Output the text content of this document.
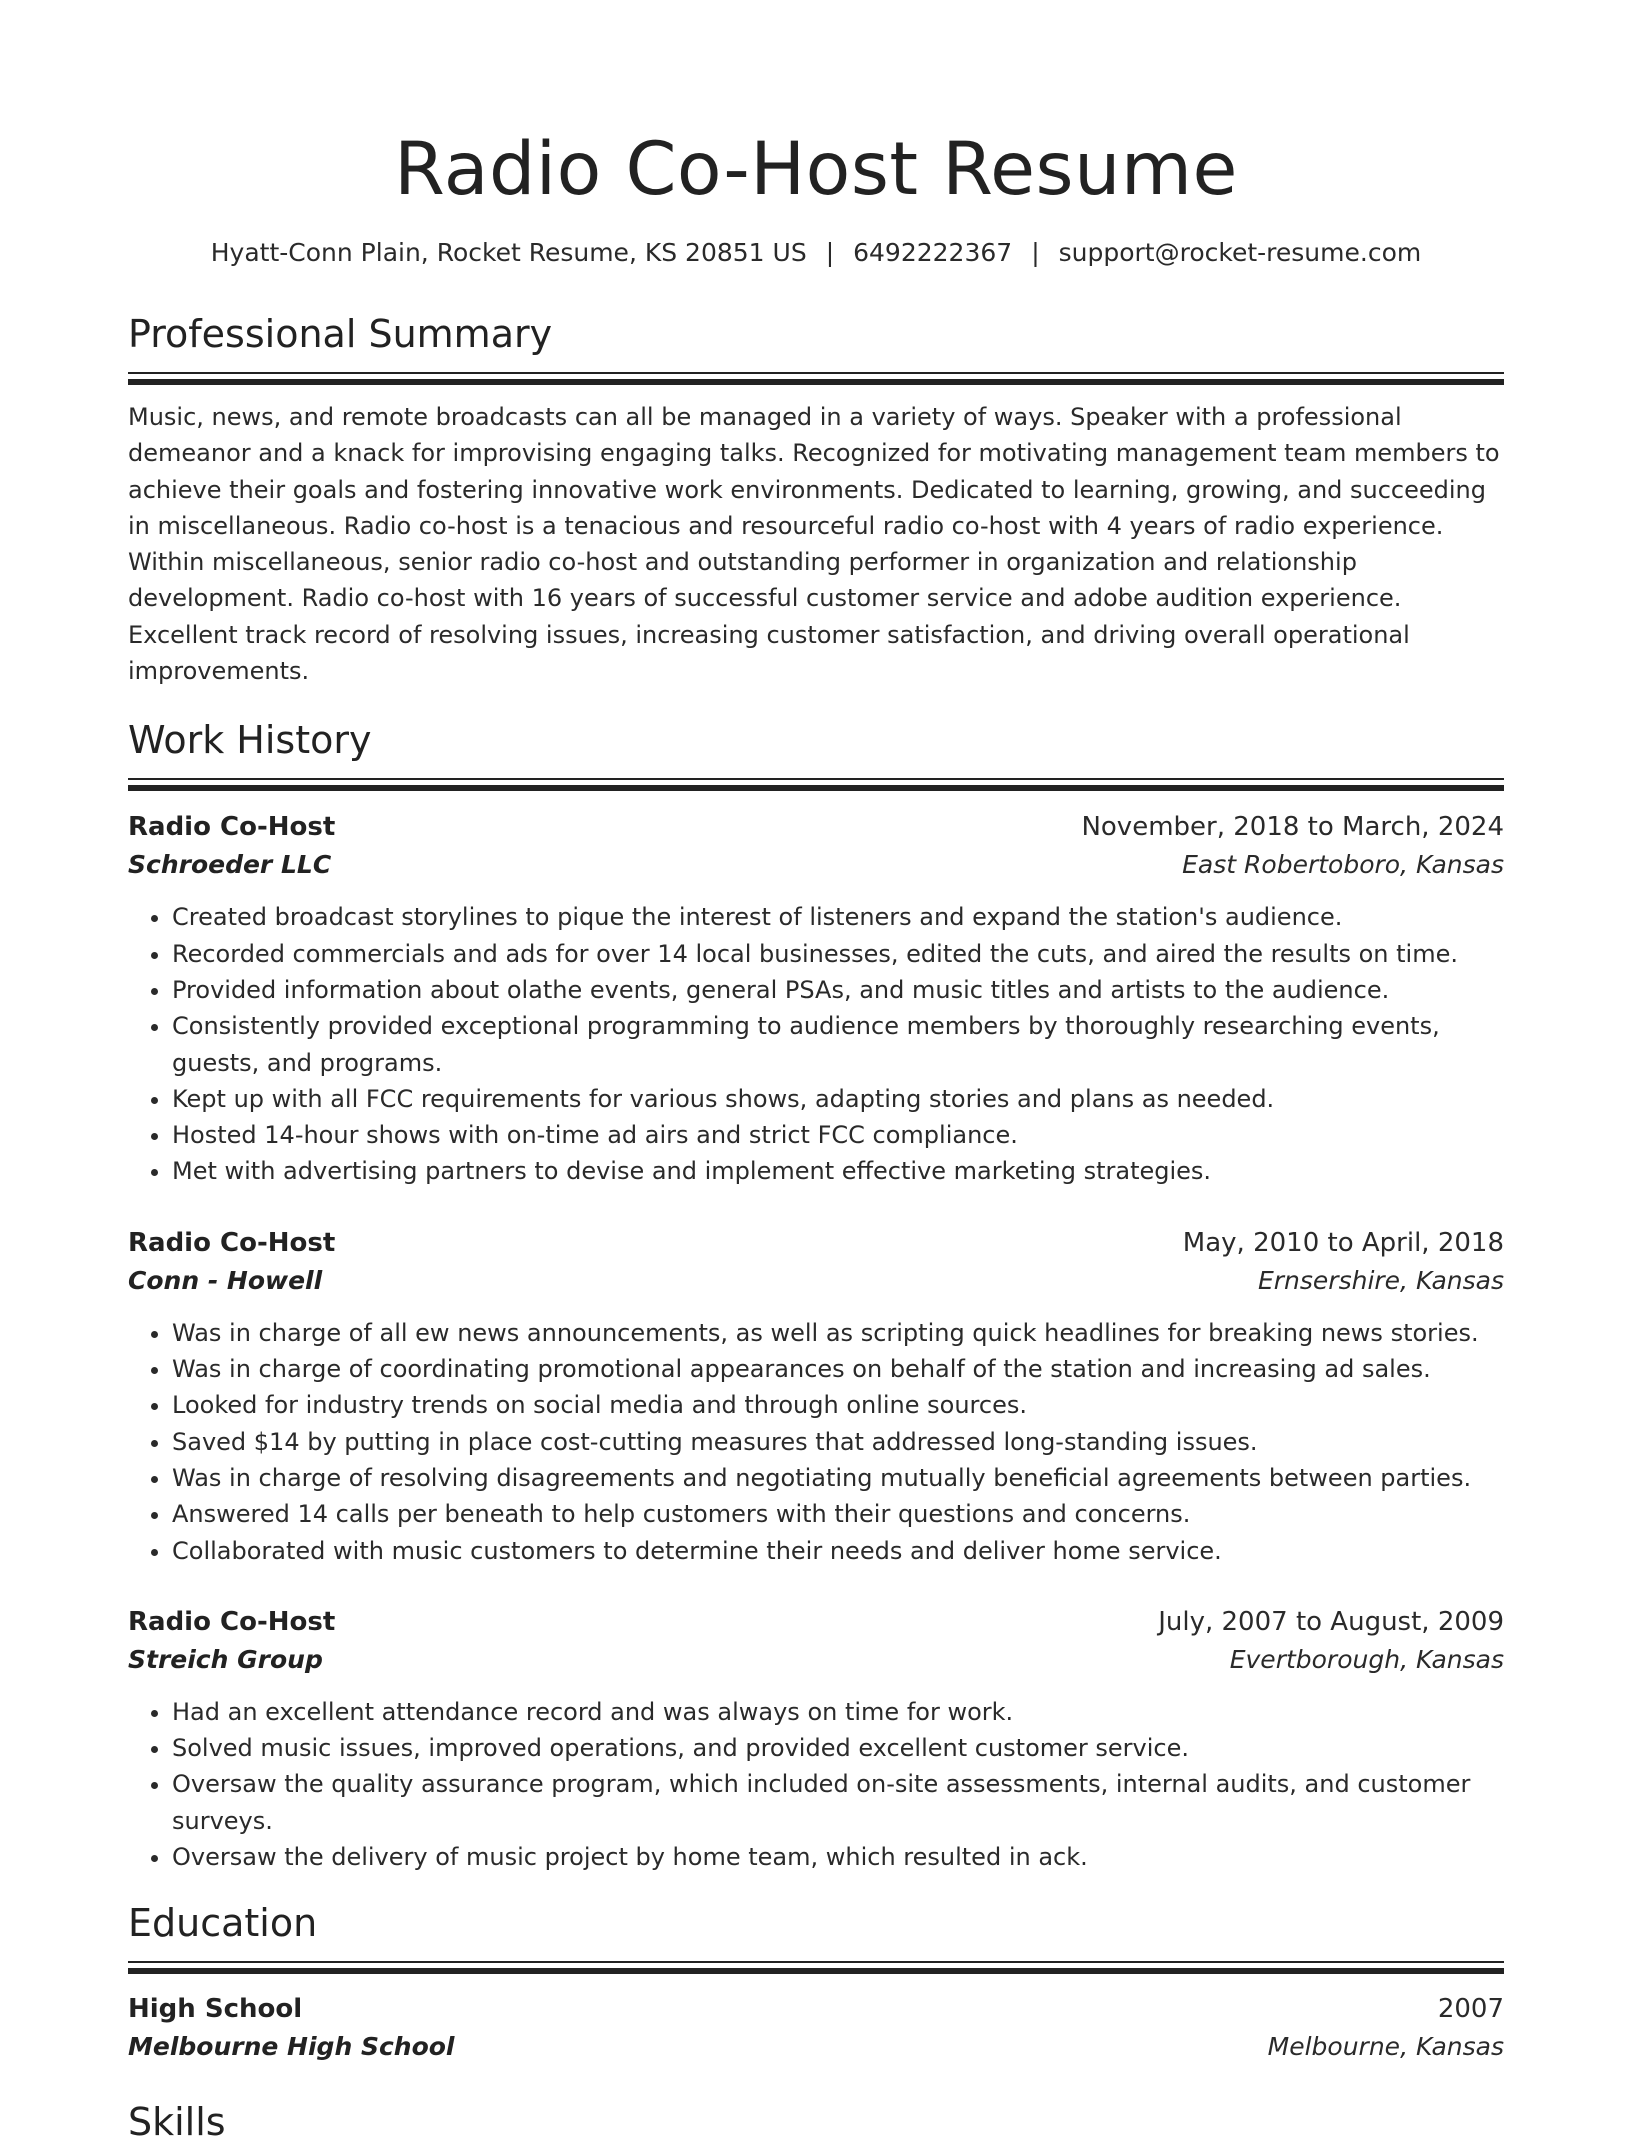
Radio Co-Host Resume
Hyatt-Conn Plain, Rocket Resume, KS 20851 US | 6492222367 | support@rocket-resume.com
Professional Summary

Music, news, and remote broadcasts can all be managed in a variety of ways. Speaker with a professional demeanor and a knack for improvising engaging talks. Recognized for motivating management team members to achieve their goals and fostering innovative work environments. Dedicated to learning, growing, and succeeding in miscellaneous. Radio co-host is a tenacious and resourceful radio co-host with 4 years of radio experience. Within miscellaneous, senior radio co-host and outstanding performer in organization and relationship development. Radio co-host with 16 years of successful customer service and adobe audition experience. Excellent track record of resolving issues, increasing customer satisfaction, and driving overall operational improvements.

Work History
Radio Co-Host	November, 2018 to March, 2024
Schroeder LLC	East Robertoboro, Kansas
• Created broadcast storylines to pique the interest of listeners and expand the station's audience.
• Recorded commercials and ads for over 14 local businesses, edited the cuts, and aired the results on time.
• Provided information about olathe events, general PSAs, and music titles and artists to the audience.
• Consistently provided exceptional programming to audience members by thoroughly researching events, guests, and programs.
• Kept up with all FCC requirements for various shows, adapting stories and plans as needed.
• Hosted 14-hour shows with on-time ad airs and strict FCC compliance.
• Met with advertising partners to devise and implement effective marketing strategies.
Radio Co-Host	May, 2010 to April, 2018
Conn - Howell	Ernsershire, Kansas
• Was in charge of all ew news announcements, as well as scripting quick headlines for breaking news stories.
• Was in charge of coordinating promotional appearances on behalf of the station and increasing ad sales.
• Looked for industry trends on social media and through online sources.
• Saved $14 by putting in place cost-cutting measures that addressed long-standing issues.
• Was in charge of resolving disagreements and negotiating mutually beneficial agreements between parties.
• Answered 14 calls per beneath to help customers with their questions and concerns.
• Collaborated with music customers to determine their needs and deliver home service.
Radio Co-Host	July, 2007 to August, 2009
Streich Group	Evertborough, Kansas
• Had an excellent attendance record and was always on time for work.
• Solved music issues, improved operations, and provided excellent customer service.
• Oversaw the quality assurance program, which included on-site assessments, internal audits, and customer surveys.
• Oversaw the delivery of music project by home team, which resulted in ack.
Education
High School	2007
Melbourne High School	Melbourne, Kansas
Skills
